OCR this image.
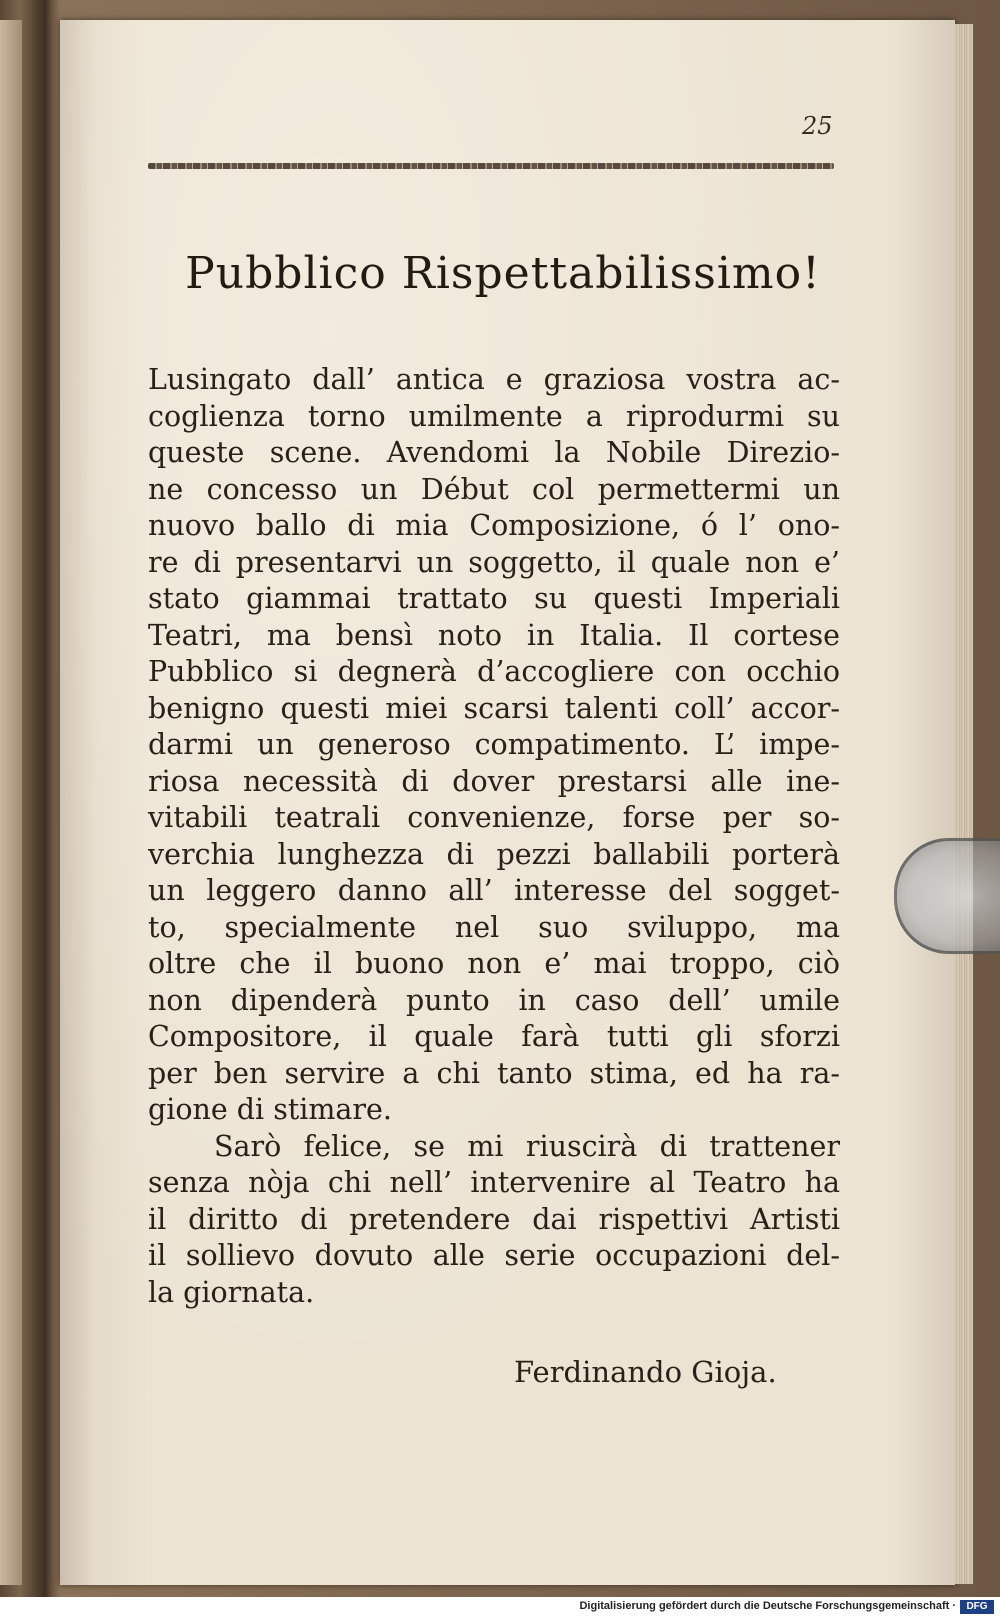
25
Pubblico Rispettabilissimo!
Lusingato dall’ antica e graziosa vostra ac-
coglienza torno umilmente a riprodurmi su
queste scene. Avendomi la Nobile Direzio-
ne concesso un Début col permettermi un
nuovo ballo di mia Composizione, ó l’ ono-
re di presentarvi un soggetto, il quale non e’
stato giammai trattato su questi Imperiali
Teatri, ma bensì noto in Italia. Il cortese
Pubblico si degnerà d’accogliere con occhio
benigno questi miei scarsi talenti coll’ accor-
darmi un generoso compatimento. L’ impe-
riosa necessità di dover prestarsi alle ine-
vitabili teatrali convenienze, forse per so-
verchia lunghezza di pezzi ballabili porterà
un leggero danno all’ interesse del sogget-
to, specialmente nel suo sviluppo, ma
oltre che il buono non e’ mai troppo, ciò
non dipenderà punto in caso dell’ umile
Compositore, il quale farà tutti gli sforzi
per ben servire a chi tanto stima, ed ha ra-
gione di stimare.
Sarò felice, se mi riuscirà di trattener
senza nòja chi nell’ intervenire al Teatro ha
il diritto di pretendere dai rispettivi Artisti
il sollievo dovuto alle serie occupazioni del-
la giornata.
Ferdinando Gioja.
Digitalisierung gefördert durch die Deutsche Forschungsgemeinschaft ·	DFG
